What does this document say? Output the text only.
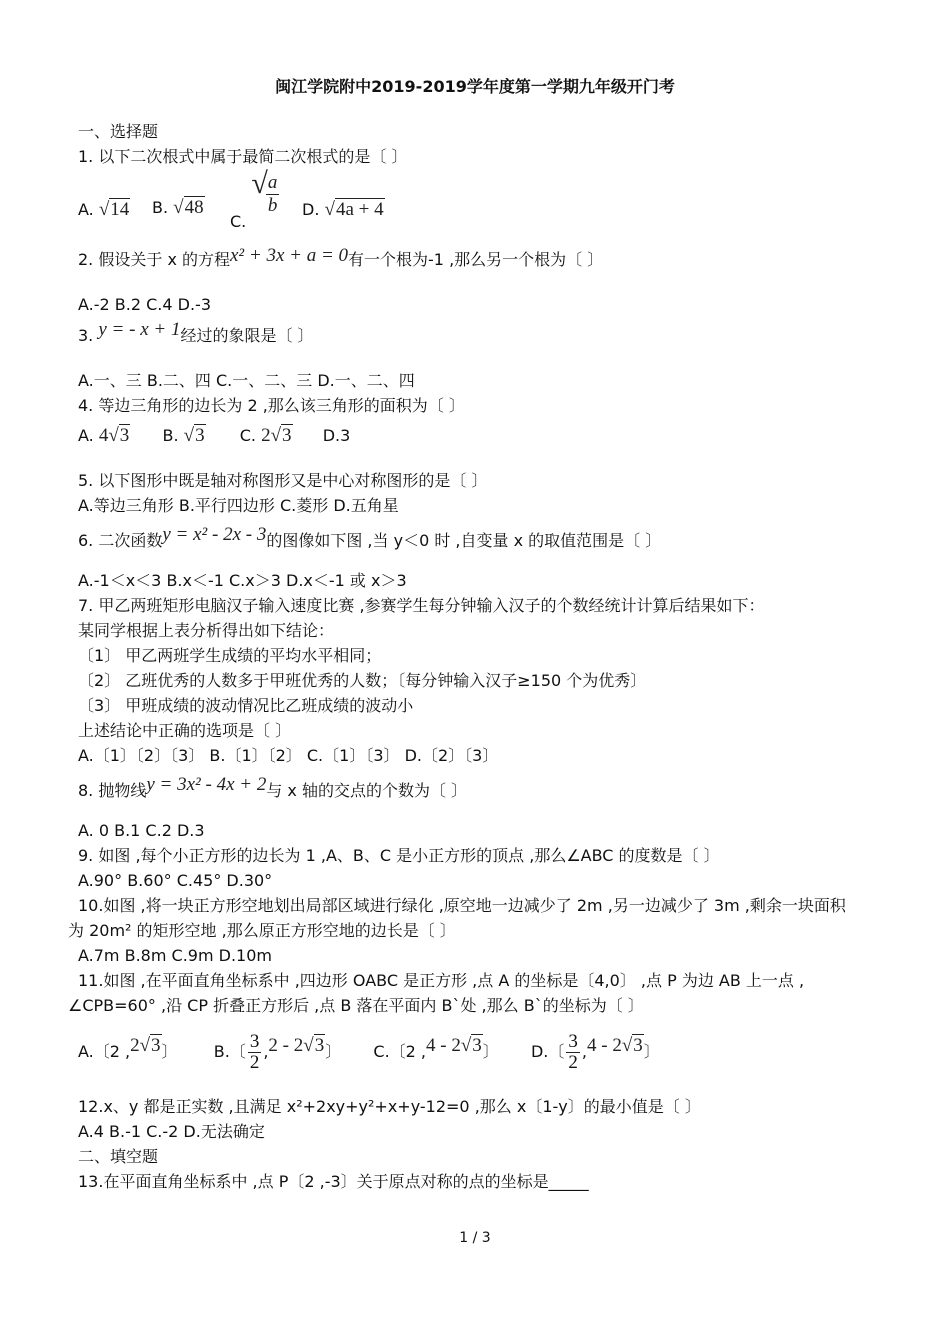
闽江学院附中2019-2019学年度第一学期九年级开门考
一、选择题
1. 以下二次根式中属于最简二次根式的是〔 〕
A. √14 B. √48
C. √
$\frac{a}{b} D$. √4a + 4
2. 假设关于 x 的方程x² + 3x + a = 0有一个根为-1 ,那么另一个根为〔 〕
A.-2 B.2 C.4 D.-3
3. y = - x + 1经过的象限是〔 〕
A.一、三 B.二、四 C.一、二、三 D.一、二、四
4. 等边三角形的边长为 2 ,那么该三角形的面积为〔 〕
A. 4√3 B. √3 C. 2√3 D.3
5. 以下图形中既是轴对称图形又是中心对称图形的是〔 〕
A.等边三角形 B.平行四边形 C.菱形 D.五角星
6. 二次函数y = x² - 2x - 3的图像如下图 ,当 y＜0 时 ,自变量 x 的取值范围是〔 〕
A.-1＜x＜3 B.x＜-1 C.x＞3 D.x＜-1 或 x＞3
7. 甲乙两班矩形电脑汉子输入速度比赛 ,参赛学生每分钟输入汉子的个数经统计计算后结果如下：
某同学根据上表分析得出如下结论：
〔1〕 甲乙两班学生成绩的平均水平相同；
〔2〕 乙班优秀的人数多于甲班优秀的人数；〔每分钟输入汉子≥150 个为优秀〕
〔3〕 甲班成绩的波动情况比乙班成绩的波动小
上述结论中正确的选项是〔 〕
A.〔1〕〔2〕〔3〕 B.〔1〕〔2〕 C.〔1〕〔3〕 D.〔2〕〔3〕
8. 抛物线y = 3x² - 4x + 2与 x 轴的交点的个数为〔 〕
A. 0 B.1 C.2 D.3
9. 如图 ,每个小正方形的边长为 1 ,A、B、C 是小正方形的顶点 ,那么∠ABC 的度数是〔 〕
A.90° B.60° C.45° D.30°
10.如图 ,将一块正方形空地划出局部区域进行绿化 ,原空地一边减少了 2m ,另一边减少了 3m ,剩余一块面积
为 20m² 的矩形空地 ,那么原正方形空地的边长是〔 〕
A.7m B.8m C.9m D.10m
11.如图 ,在平面直角坐标系中 ,四边形 OABC 是正方形 ,点 A 的坐标是〔4,0〕 ,点 P 为边 AB 上一点 ,
∠CPB=60° ,沿 CP 折叠正方形后 ,点 B 落在平面内 B`处 ,那么 B`的坐标为〔 〕
A.〔2 ,2√3〕 B.〔 $\frac{3}{2} ,2 - 2√3$〕 C.〔2 ,4 - 2√3〕 D.〔 $\frac{3}{2} ,4 - 2√3$〕
12.x、y 都是正实数 ,且满足 x²+2xy+y²+x+y-12=0 ,那么 x〔1-y〕的最小值是〔 〕
A.4 B.-1 C.-2 D.无法确定
二、填空题
13.在平面直角坐标系中 ,点 P〔2 ,-3〕关于原点对称的点的坐标是_____
1 / 3
